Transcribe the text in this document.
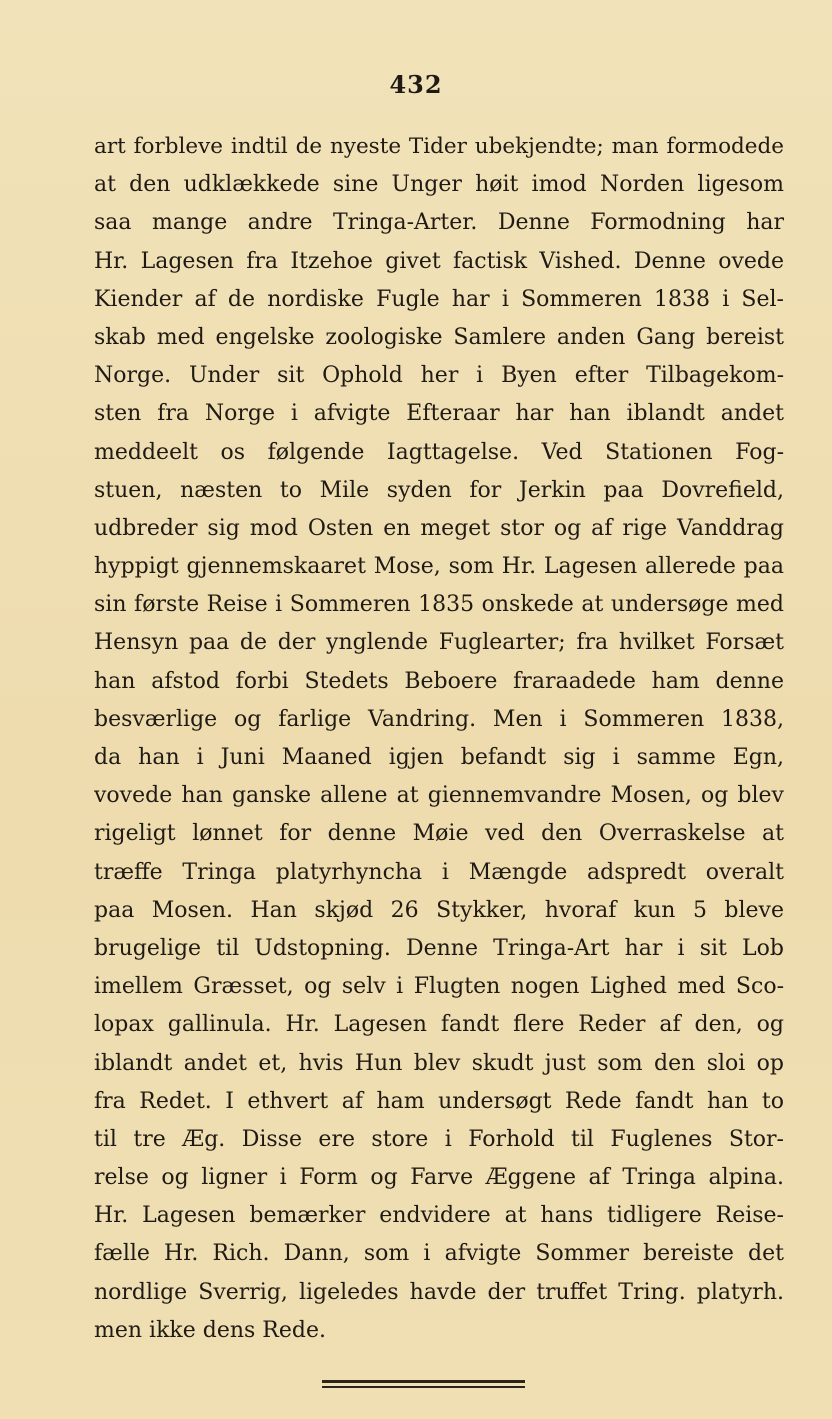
432
art forbleve indtil de nyeste Tider ubekjendte; man formodede
at den udklækkede sine Unger høit imod Norden ligesom
saa mange andre Tringa-Arter. Denne Formodning har
Hr. Lagesen fra Itzehoe givet factisk Vished. Denne ovede
Kiender af de nordiske Fugle har i Sommeren 1838 i Sel-
skab med engelske zoologiske Samlere anden Gang bereist
Norge. Under sit Ophold her i Byen efter Tilbagekom-
sten fra Norge i afvigte Efteraar har han iblandt andet
meddeelt os følgende Iagttagelse. Ved Stationen Fog-
stuen, næsten to Mile syden for Jerkin paa Dovrefield,
udbreder sig mod Osten en meget stor og af rige Vanddrag
hyppigt gjennemskaaret Mose, som Hr. Lagesen allerede paa
sin første Reise i Sommeren 1835 onskede at undersøge med
Hensyn paa de der ynglende Fuglearter; fra hvilket Forsæt
han afstod forbi Stedets Beboere fraraadede ham denne
besværlige og farlige Vandring. Men i Sommeren 1838,
da han i Juni Maaned igjen befandt sig i samme Egn,
vovede han ganske allene at giennemvandre Mosen, og blev
rigeligt lønnet for denne Møie ved den Overraskelse at
træffe Tringa platyrhyncha i Mængde adspredt overalt
paa Mosen. Han skjød 26 Stykker, hvoraf kun 5 bleve
brugelige til Udstopning. Denne Tringa-Art har i sit Lob
imellem Græsset, og selv i Flugten nogen Lighed med Sco-
lopax gallinula. Hr. Lagesen fandt flere Reder af den, og
iblandt andet et, hvis Hun blev skudt just som den sloi op
fra Redet. I ethvert af ham undersøgt Rede fandt han to
til tre Æg. Disse ere store i Forhold til Fuglenes Stor-
relse og ligner i Form og Farve Æggene af Tringa alpina.
Hr. Lagesen bemærker endvidere at hans tidligere Reise-
fælle Hr. Rich. Dann, som i afvigte Sommer bereiste det
nordlige Sverrig, ligeledes havde der truffet Tring. platyrh.
men ikke dens Rede.
